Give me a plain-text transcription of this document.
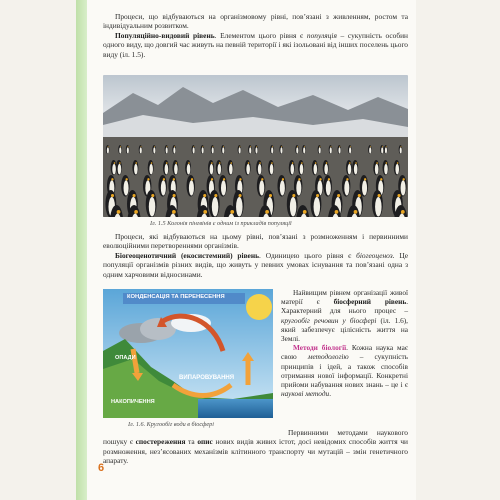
Процеси, що відбуваються на організмовому рівні, пов’язані з живленням, ростом та індивідуальним розвитком.

Популяційно-видовий рівень. Елементом цього рівня є популяція – сукупність особин одного виду, що довгий час живуть на певній території і які ізольовані від інших поселень цього виду (іл. 1.5).

Іл. 1.5 Колонія пінгвінів є одним із прикладів популяції

Процеси, які відбуваються на цьому рівні, пов’язані з розмноженням і первинними еволюційними перетвореннями організмів.

Біогеоценотичний (екосистемний) рівень. Одиницею цього рівня є біогеоценоз. Це популяції організмів різних видів, що живуть у певних умовах існування та пов’язані одна з одним харчовими відносинами.

КОНДЕНСАЦІЯ ТА ПЕРЕНЕСЕННЯ
ОПАДИ
ВИПАРОВУВАННЯ
НАКОПИЧЕННЯ
Іл. 1.6. Кругообіг води в біосфері

Найвищим рівнем організації живої матерії є біосферний рівень. Характерний для нього процес – кругообіг речовин у біосфері (іл. 1.6), який забезпечує цілісність життя на Землі.

Методи біології. Кожна наука має свою методологію – сукупність принципів і ідей, а також способів отримання нової інформації. Конкретні прийоми набування нових знань – це і є наукові методи.

Первинними методами наукового пошуку є спостереження та опис нових видів живих істот, досі невідомих способів життя чи розмноження, нез’ясованих механізмів клітинного транспорту чи мутацій – змін генетичного апарату.

6
